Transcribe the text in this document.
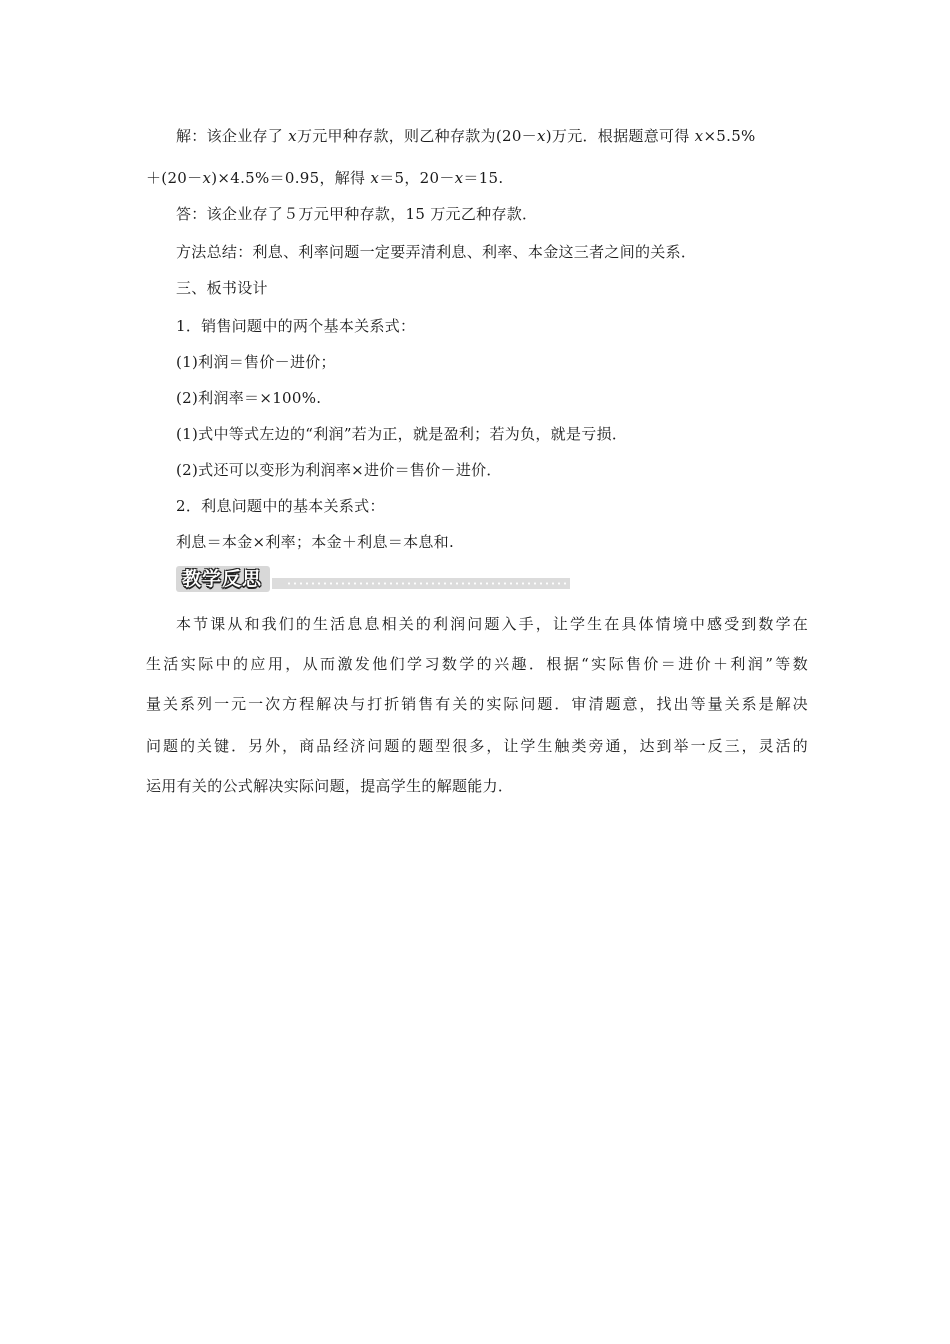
解：该企业存了 x万元甲种存款，则乙种存款为(20－x)万元．根据题意可得 x×5.5%
＋(20－x)×4.5%＝0.95，解得 x＝5，20－x＝15.
答：该企业存了５万元甲种存款，15 万元乙种存款．
方法总结：利息、利率问题一定要弄清利息、利率、本金这三者之间的关系．
三、板书设计
1．销售问题中的两个基本关系式：
(1)利润＝售价－进价；
(2)利润率＝×100%.
(1)式中等式左边的“利润”若为正，就是盈利；若为负，就是亏损．
(2)式还可以变形为利润率×进价＝售价－进价．
2．利息问题中的基本关系式：
利息＝本金×利率；本金＋利息＝本息和.
教学反思
本节课从和我们的生活息息相关的利润问题入手，让学生在具体情境中感受到数学在
生活实际中的应用，从而激发他们学习数学的兴趣．根据“实际售价＝进价＋利润”等数
量关系列一元一次方程解决与打折销售有关的实际问题．审清题意，找出等量关系是解决
问题的关键．另外，商品经济问题的题型很多，让学生触类旁通，达到举一反三，灵活的
运用有关的公式解决实际问题，提高学生的解题能力．
